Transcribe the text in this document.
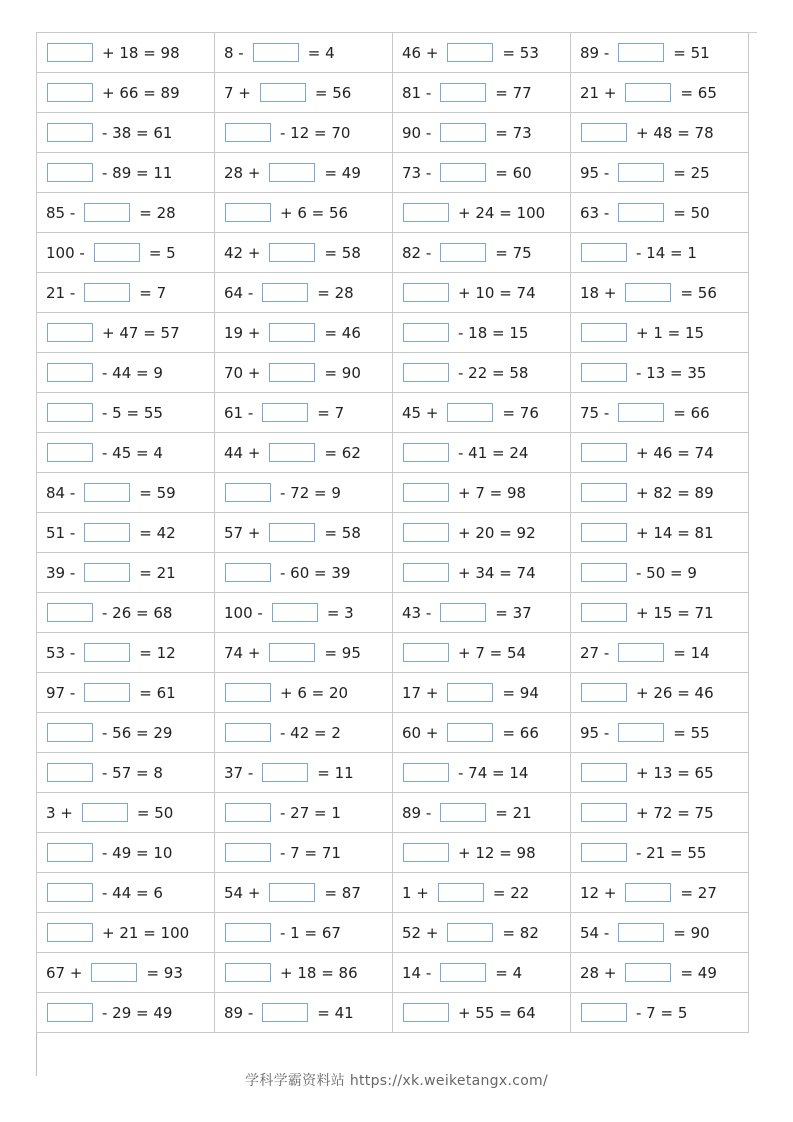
+ 18 = 98	8 - = 4	46 + = 53	89 - = 51
+ 66 = 89	7 + = 56	81 - = 77	21 + = 65
- 38 = 61	- 12 = 70	90 - = 73	+ 48 = 78
- 89 = 11	28 + = 49	73 - = 60	95 - = 25
85 - = 28	+ 6 = 56	+ 24 = 100	63 - = 50
100 - = 5	42 + = 58	82 - = 75	- 14 = 1
21 - = 7	64 - = 28	+ 10 = 74	18 + = 56
+ 47 = 57	19 + = 46	- 18 = 15	+ 1 = 15
- 44 = 9	70 + = 90	- 22 = 58	- 13 = 35
- 5 = 55	61 - = 7	45 + = 76	75 - = 66
- 45 = 4	44 + = 62	- 41 = 24	+ 46 = 74
84 - = 59	- 72 = 9	+ 7 = 98	+ 82 = 89
51 - = 42	57 + = 58	+ 20 = 92	+ 14 = 81
39 - = 21	- 60 = 39	+ 34 = 74	- 50 = 9
- 26 = 68	100 - = 3	43 - = 37	+ 15 = 71
53 - = 12	74 + = 95	+ 7 = 54	27 - = 14
97 - = 61	+ 6 = 20	17 + = 94	+ 26 = 46
- 56 = 29	- 42 = 2	60 + = 66	95 - = 55
- 57 = 8	37 - = 11	- 74 = 14	+ 13 = 65
3 + = 50	- 27 = 1	89 - = 21	+ 72 = 75
- 49 = 10	- 7 = 71	+ 12 = 98	- 21 = 55
- 44 = 6	54 + = 87	1 + = 22	12 + = 27
+ 21 = 100	- 1 = 67	52 + = 82	54 - = 90
67 + = 93	+ 18 = 86	14 - = 4	28 + = 49
- 29 = 49	89 - = 41	+ 55 = 64	- 7 = 5
学科学霸资料站 https://xk.weiketangx.com/
